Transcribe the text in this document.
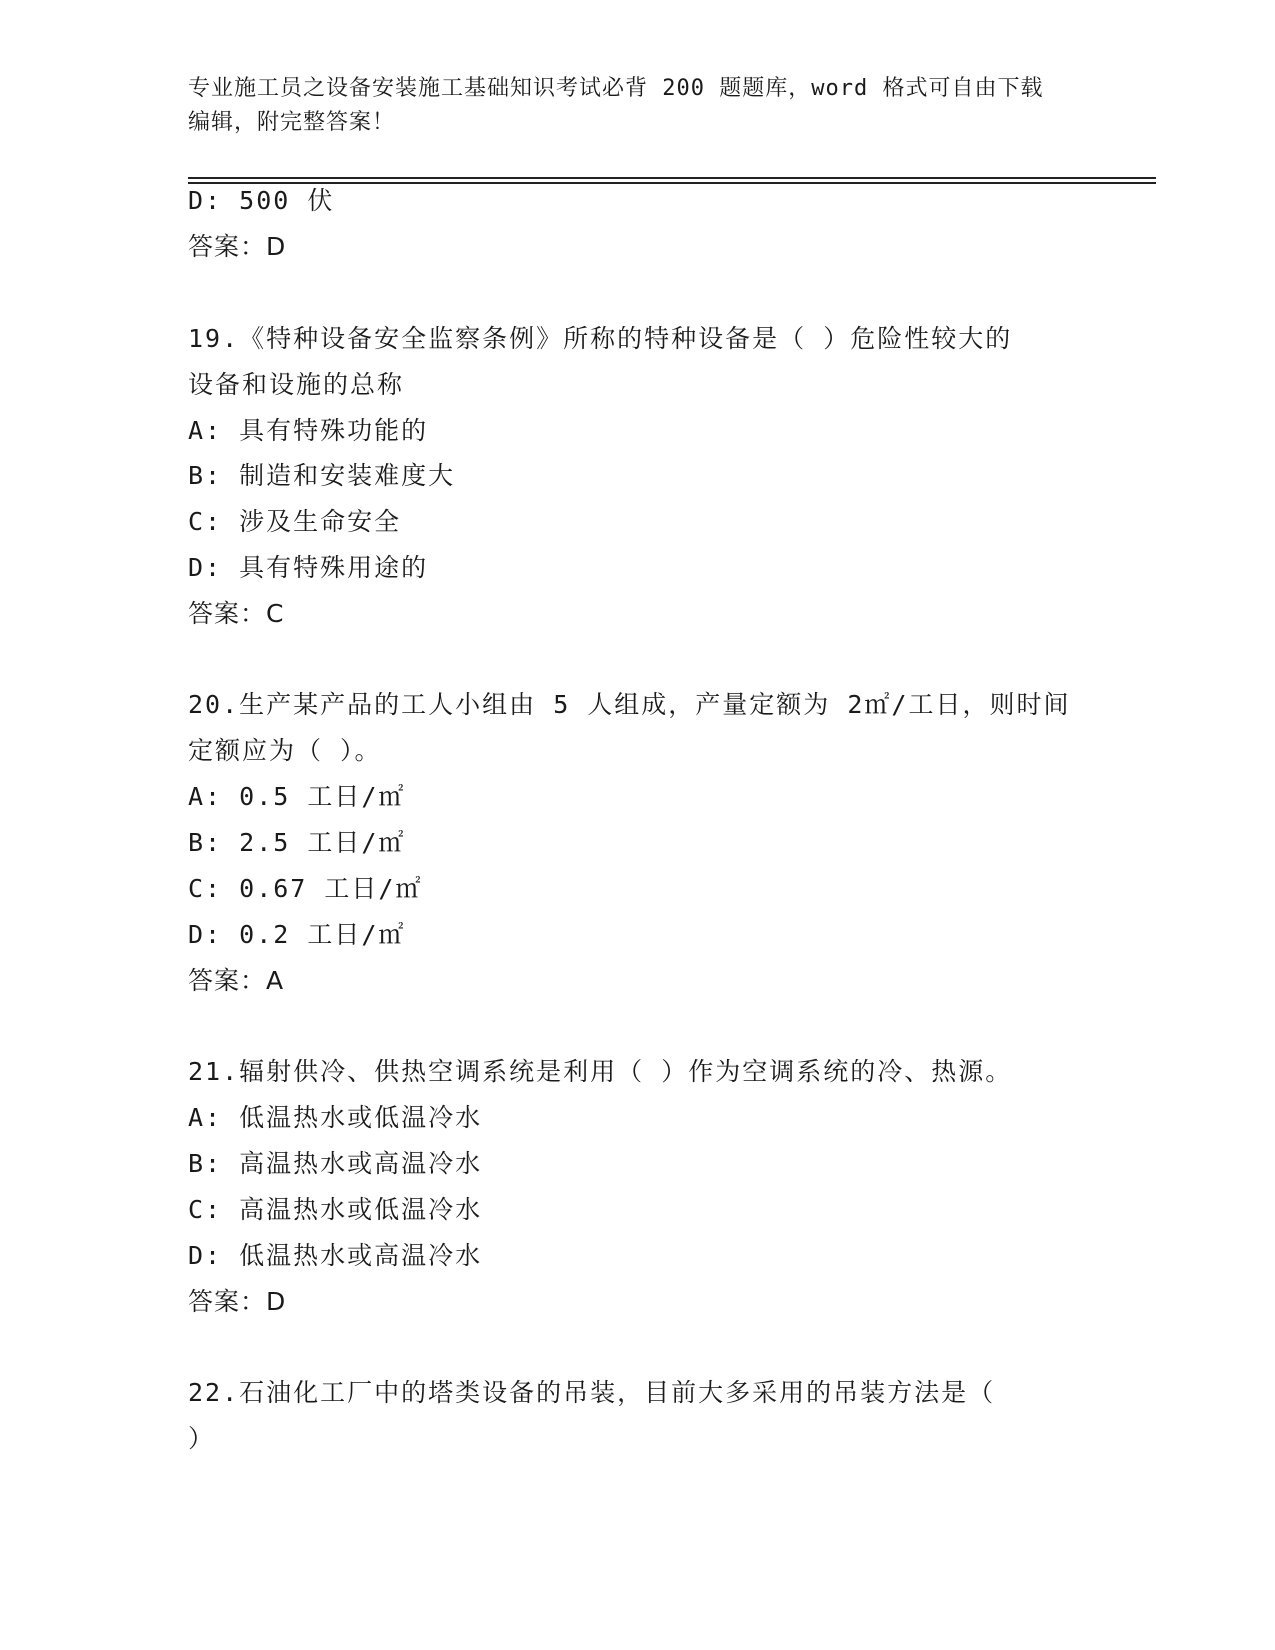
专业施工员之设备安装施工基础知识考试必背 200 题题库，word 格式可自由下载
编辑，附完整答案！
D: 500 伏
答案：D
19.《特种设备安全监察条例》所称的特种设备是（ ）危险性较大的
设备和设施的总称
A: 具有特殊功能的
B: 制造和安装难度大
C: 涉及生命安全
D: 具有特殊用途的
答案：C
20.生产某产品的工人小组由 5 人组成，产量定额为 2㎡/工日，则时间
定额应为（ ）。
A: 0.5 工日/㎡
B: 2.5 工日/㎡
C: 0.67 工日/㎡
D: 0.2 工日/㎡
答案：A
21.辐射供冷、供热空调系统是利用（ ）作为空调系统的冷、热源。
A: 低温热水或低温冷水
B: 高温热水或高温冷水
C: 高温热水或低温冷水
D: 低温热水或高温冷水
答案：D
22.石油化工厂中的塔类设备的吊装，目前大多采用的吊装方法是（
）
